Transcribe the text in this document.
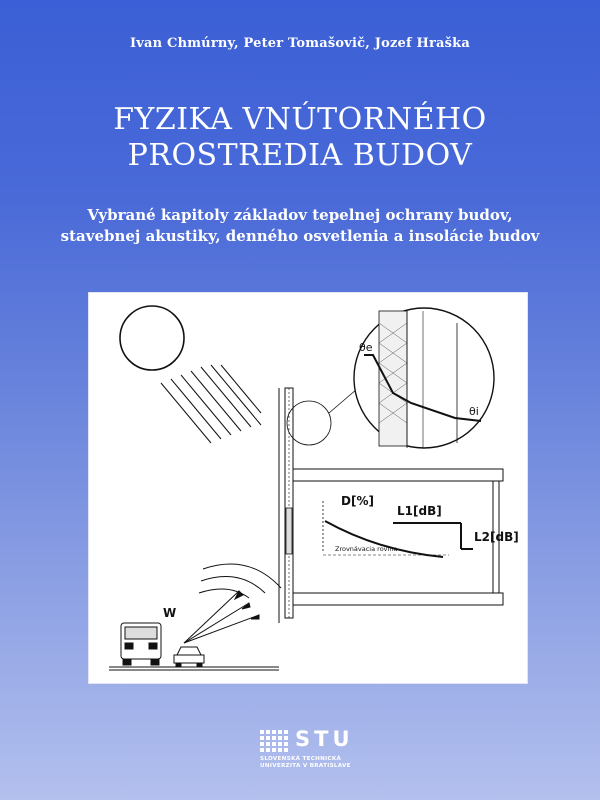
Ivan Chmúrny, Peter Tomašovič, Jozef Hraška
FYZIKA VNÚTORNÉHO
PROSTREDIA BUDOV
Vybrané kapitoly základov tepelnej ochrany budov,
stavebnej akustiky, denného osvetlenia a insolácie budov
θe
θi
D[%]
Zrovnávacia rovina
L1[dB]
L2[dB]
W
STU
SLOVENSKÁ TECHNICKÁ
UNIVERZITA V BRATISLAVE
